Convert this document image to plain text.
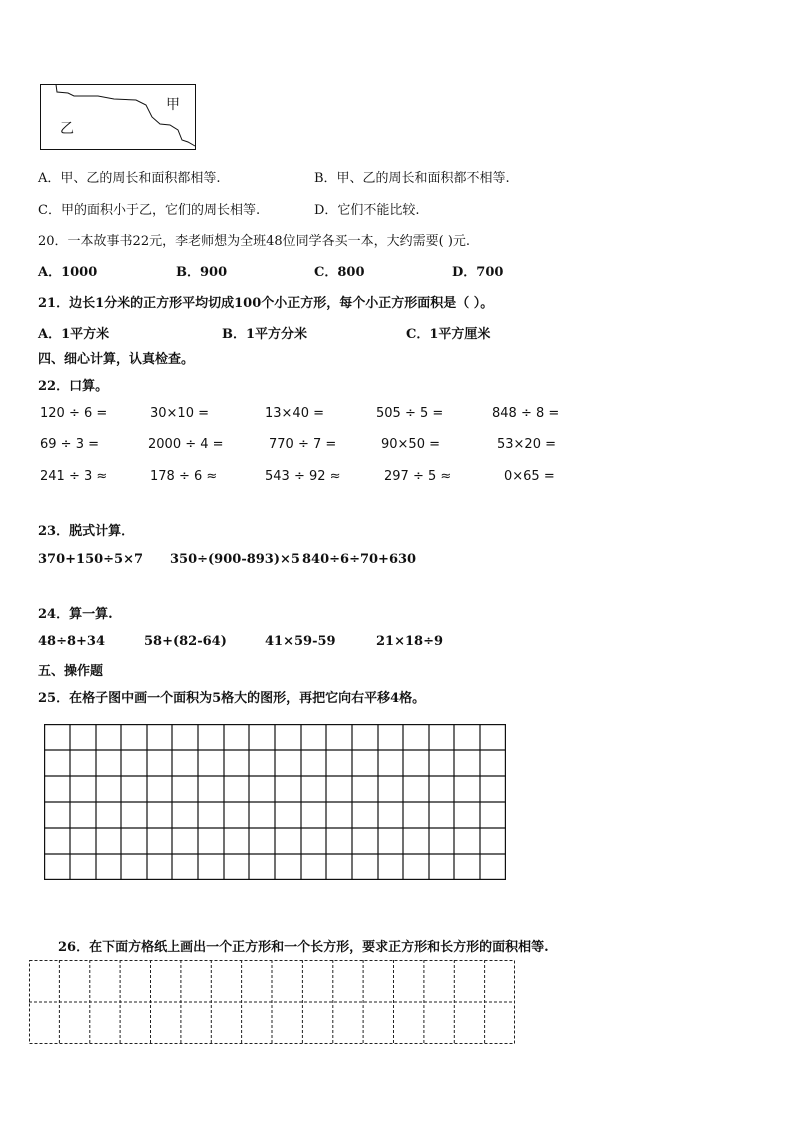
甲
乙
A．甲、乙的周长和面积都相等.	B．甲、乙的周长和面积都不相等.
C．甲的面积小于乙，它们的周长相等.	D．它们不能比较.
20．一本故事书22元，李老师想为全班48位同学各买一本，大约需要( )元.
A．1000	B．900	C．800	D．700
21．边长1分米的正方形平均切成100个小正方形，每个小正方形面积是（ ）。
A．1平方米	B．1平方分米	C．1平方厘米
四、细心计算，认真检查。
22．口算。
120 ÷ 6 =	30×10 =	13×40 =	505 ÷ 5 =	848 ÷ 8 =
69 ÷ 3 =	2000 ÷ 4 =	770 ÷ 7 =	90×50 =	53×20 =
241 ÷ 3 ≈	178 ÷ 6 ≈	543 ÷ 92 ≈	297 ÷ 5 ≈	0×65 =
23．脱式计算．
370+150÷5×7 350÷(900-893)×5 840÷6÷70+630
24．算一算.
48÷8+34	58+(82-64)	41×59-59	21×18÷9
五、操作题
25．在格子图中画一个面积为5格大的图形，再把它向右平移4格。
26．在下面方格纸上画出一个正方形和一个长方形，要求正方形和长方形的面积相等.
